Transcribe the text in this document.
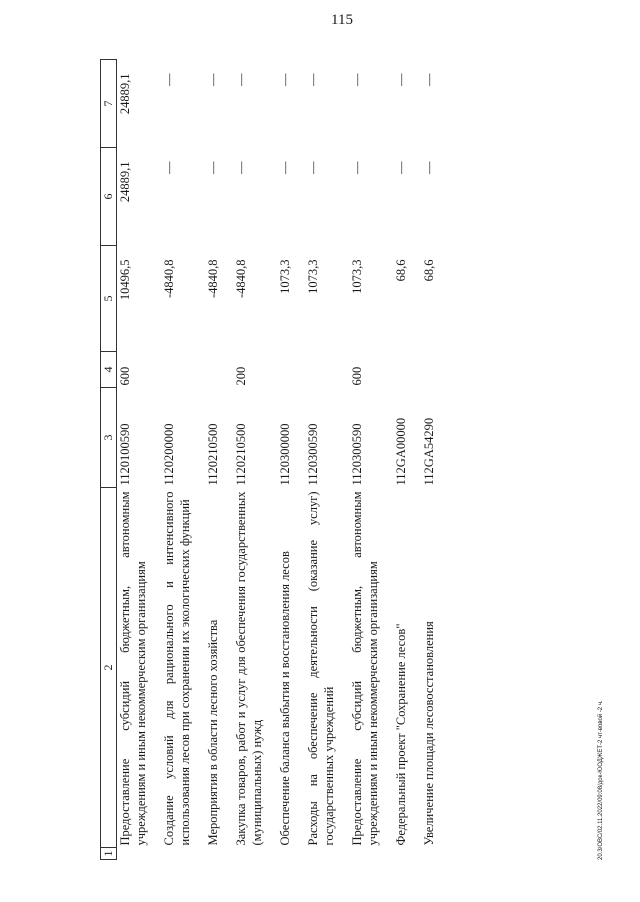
115
20.3/ОВС/02.11.2022/09:08/док-ЮОДЖЕТ-2 чт-вовой -2 ч.
1	2	3	4	5	6	7
	Предоставление субсидий бюджетным, автономным учреждениям и иным некоммерческим организациям	1120100590	600	10496,5	24889,1	24889,1

	Создание условий для рационального и интенсивного использования лесов при сохранении их экологических функций	1120200000		-4840,8	—	—

	Мероприятия в области лесного хозяйства	1120210500		-4840,8	—	—

	Закупка товаров, работ и услуг для обеспечения государственных (муниципальных) нужд	1120210500	200	-4840,8	—	—

	Обеспечение баланса выбытия и восстановления лесов	1120300000		1073,3	—	—

	Расходы на обеспечение деятельности (оказание услуг) государственных учреждений	1120300590		1073,3	—	—

	Предоставление субсидий бюджетным, автономным учреждениям и иным некоммерческим организациям	1120300590	600	1073,3	—	—

	Федеральный проект "Сохранение лесов"	112GA00000		68,6	—	—

	Увеличение площади лесовосстановления	112GA54290		68,6	—	—
